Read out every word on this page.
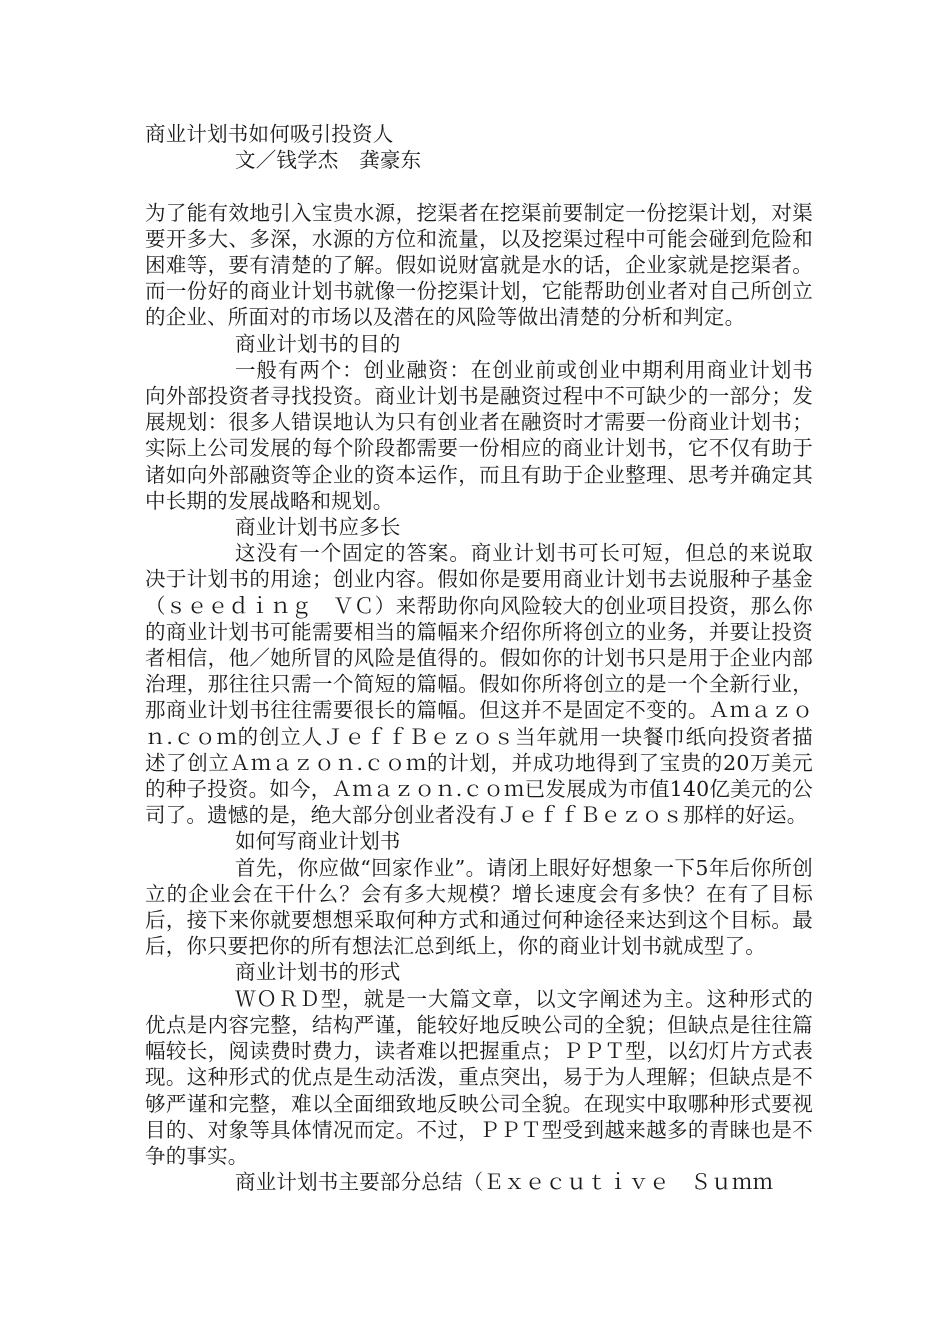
商业计划书如何吸引投资人
文／钱学杰　龚豪东

为了能有效地引入宝贵水源，挖渠者在挖渠前要制定一份挖渠计划，对渠要开多大、多深，水源的方位和流量，以及挖渠过程中可能会碰到危险和困难等，要有清楚的了解。假如说财富就是水的话，企业家就是挖渠者。而一份好的商业计划书就像一份挖渠计划，它能帮助创业者对自己所创立的企业、所面对的市场以及潜在的风险等做出清楚的分析和判定。

商业计划书的目的

一般有两个：创业融资：在创业前或创业中期利用商业计划书向外部投资者寻找投资。商业计划书是融资过程中不可缺少的一部分；发展规划：很多人错误地认为只有创业者在融资时才需要一份商业计划书；实际上公司发展的每个阶段都需要一份相应的商业计划书，它不仅有助于诸如向外部融资等企业的资本运作，而且有助于企业整理、思考并确定其中长期的发展战略和规划。

商业计划书应多长

这没有一个固定的答案。商业计划书可长可短，但总的来说取决于计划书的用途；创业内容。假如你是要用商业计划书去说服种子基金（ｓｅｅｄｉｎｇ　ＶＣ）来帮助你向风险较大的创业项目投资，那么你的商业计划书可能需要相当的篇幅来介绍你所将创立的业务，并要让投资者相信，他／她所冒的风险是值得的。假如你的计划书只是用于企业内部治理，那往往只需一个简短的篇幅。假如你所将创立的是一个全新行业，那商业计划书往往需要很长的篇幅。但这并不是固定不变的。Ａｍａｚｏｎ.ｃｏｍ的创立人ＪｅｆｆＢｅｚｏｓ当年就用一块餐巾纸向投资者描述了创立Ａｍａｚｏｎ.ｃｏｍ的计划，并成功地得到了宝贵的20万美元的种子投资。如今，Ａｍａｚｏｎ.ｃｏｍ已发展成为市值140亿美元的公司了。遗憾的是，绝大部分创业者没有ＪｅｆｆＢｅｚｏｓ那样的好运。

如何写商业计划书

首先，你应做“回家作业”。请闭上眼好好想象一下5年后你所创立的企业会在干什么？会有多大规模？增长速度会有多快？在有了目标后，接下来你就要想想采取何种方式和通过何种途径来达到这个目标。最后，你只要把你的所有想法汇总到纸上，你的商业计划书就成型了。

商业计划书的形式

ＷＯＲＤ型，就是一大篇文章，以文字阐述为主。这种形式的优点是内容完整，结构严谨，能较好地反映公司的全貌；但缺点是往往篇幅较长，阅读费时费力，读者难以把握重点；ＰＰＴ型，以幻灯片方式表现。这种形式的优点是生动活泼，重点突出，易于为人理解；但缺点是不够严谨和完整，难以全面细致地反映公司全貌。在现实中取哪种形式要视目的、对象等具体情况而定。不过，ＰＰＴ型受到越来越多的青睐也是不争的事实。

商业计划书主要部分总结（Ｅｘｅｃｕｔｉｖｅ　Ｓｕｍｍ
